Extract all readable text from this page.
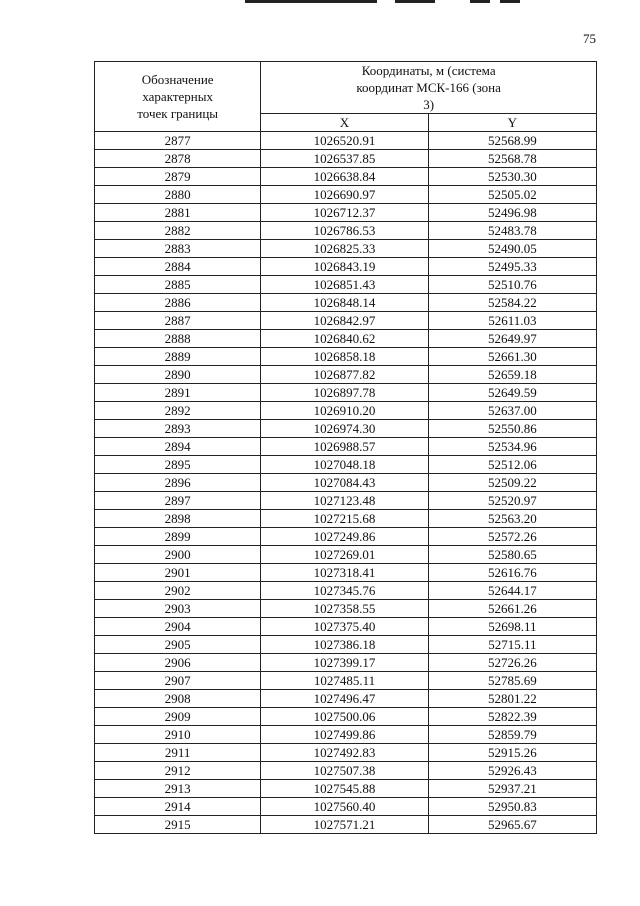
75
Обозначение характерных точек границы	Координаты, м (система координат МСК-166 (зона 3)	

	X	Y
2877	1026520.91	52568.99
2878	1026537.85	52568.78
2879	1026638.84	52530.30
2880	1026690.97	52505.02
2881	1026712.37	52496.98
2882	1026786.53	52483.78
2883	1026825.33	52490.05
2884	1026843.19	52495.33
2885	1026851.43	52510.76
2886	1026848.14	52584.22
2887	1026842.97	52611.03
2888	1026840.62	52649.97
2889	1026858.18	52661.30
2890	1026877.82	52659.18
2891	1026897.78	52649.59
2892	1026910.20	52637.00
2893	1026974.30	52550.86
2894	1026988.57	52534.96
2895	1027048.18	52512.06
2896	1027084.43	52509.22
2897	1027123.48	52520.97
2898	1027215.68	52563.20
2899	1027249.86	52572.26
2900	1027269.01	52580.65
2901	1027318.41	52616.76
2902	1027345.76	52644.17
2903	1027358.55	52661.26
2904	1027375.40	52698.11
2905	1027386.18	52715.11
2906	1027399.17	52726.26
2907	1027485.11	52785.69
2908	1027496.47	52801.22
2909	1027500.06	52822.39
2910	1027499.86	52859.79
2911	1027492.83	52915.26
2912	1027507.38	52926.43
2913	1027545.88	52937.21
2914	1027560.40	52950.83
2915	1027571.21	52965.67
